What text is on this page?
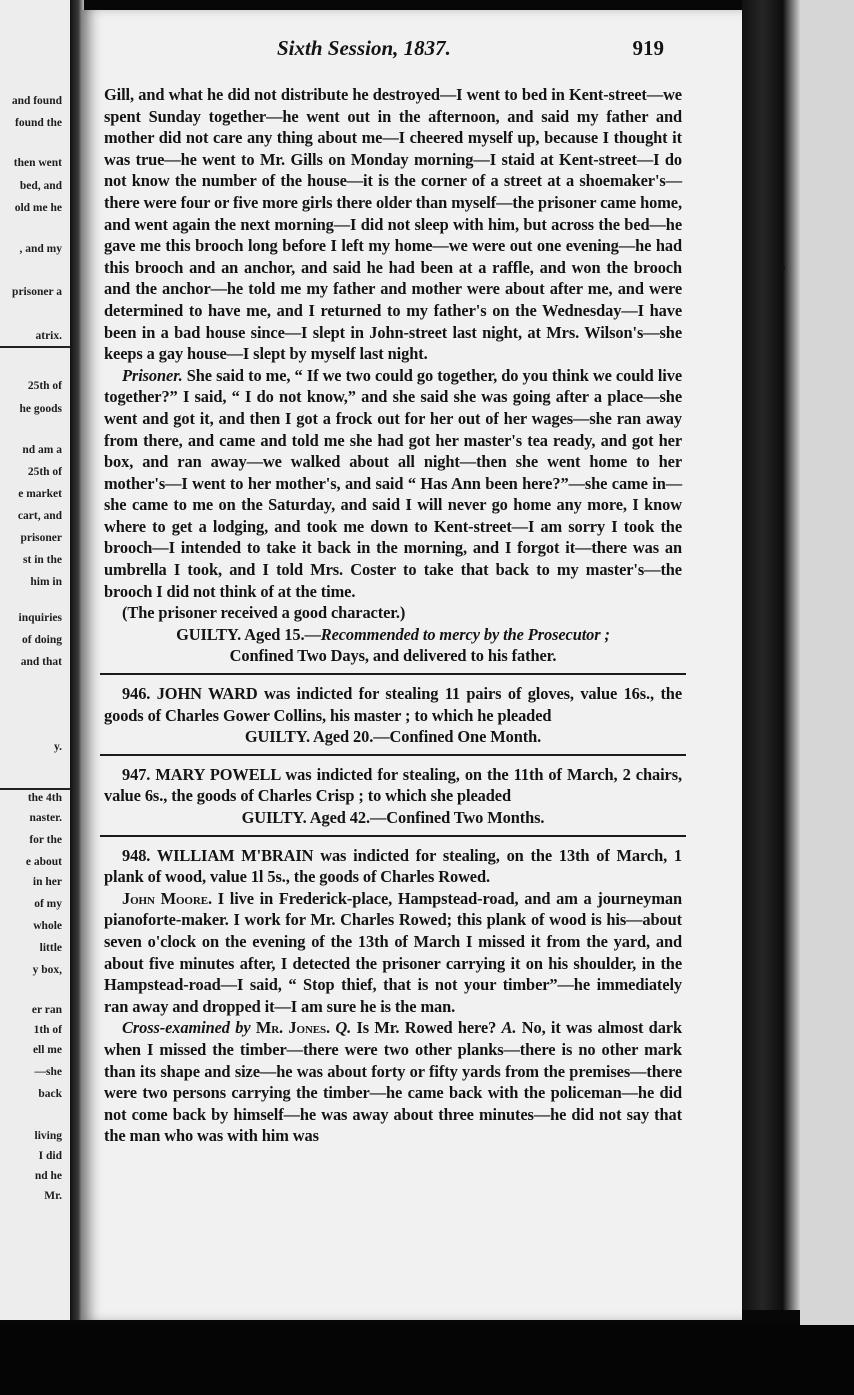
and found
found the
then went
bed, and
old me he
, and my
prisoner a
atrix.
25th of
he goods
nd am a
25th of
e market
cart, and
prisoner
st in the
him in
inquiries
of doing
and that
y.
the 4th
naster.
for the
e about
in her
of my
whole
little
y box,
er ran
1th of
ell me
—she
back
living
I did
nd he
Mr.
Sixth Session, 1837.	919

Gill, and what he did not distribute he destroyed—I went to bed in Kent-street—we spent Sunday together—he went out in the afternoon, and said my father and mother did not care any thing about me—I cheered myself up, because I thought it was true—he went to Mr. Gills on Monday morning—I staid at Kent-street—I do not know the number of the house—it is the corner of a street at a shoemaker's—there were four or five more girls there older than myself—the prisoner came home, and went again the next morning—I did not sleep with him, but across the bed—he gave me this brooch long before I left my home—we were out one evening—he had this brooch and an anchor, and said he had been at a raffle, and won the brooch and the anchor—he told me my father and mother were about after me, and were determined to have me, and I returned to my father's on the Wednesday—I have been in a bad house since—I slept in John-street last night, at Mrs. Wilson's—she keeps a gay house—I slept by myself last night.

Prisoner. She said to me, “ If we two could go together, do you think we could live together?” I said, “ I do not know,” and she said she was going after a place—she went and got it, and then I got a frock out for her out of her wages—she ran away from there, and came and told me she had got her master's tea ready, and got her box, and ran away—we walked about all night—then she went home to her mother's—I went to her mother's, and said “ Has Ann been here?”—she came in—she came to me on the Saturday, and said I will never go home any more, I know where to get a lodging, and took me down to Kent-street—I am sorry I took the brooch—I intended to take it back in the morning, and I forgot it—there was an umbrella I took, and I told Mrs. Coster to take that back to my master's—the brooch I did not think of at the time.

(The prisoner received a good character.)

GUILTY. Aged 15.—Recommended to mercy by the Prosecutor ;

Confined Two Days, and delivered to his father.

946. JOHN WARD was indicted for stealing 11 pairs of gloves, value 16s., the goods of Charles Gower Collins, his master ; to which he pleaded

GUILTY. Aged 20.—Confined One Month.

947. MARY POWELL was indicted for stealing, on the 11th of March, 2 chairs, value 6s., the goods of Charles Crisp ; to which she pleaded

GUILTY. Aged 42.—Confined Two Months.

948. WILLIAM M'BRAIN was indicted for stealing, on the 13th of March, 1 plank of wood, value 1l 5s., the goods of Charles Rowed.

John Moore. I live in Frederick-place, Hampstead-road, and am a journeyman pianoforte-maker. I work for Mr. Charles Rowed; this plank of wood is his—about seven o'clock on the evening of the 13th of March I missed it from the yard, and about five minutes after, I detected the prisoner carrying it on his shoulder, in the Hampstead-road—I said, “ Stop thief, that is not your timber”—he immediately ran away and dropped it—I am sure he is the man.

Cross-examined by Mr. Jones. Q. Is Mr. Rowed here? A. No, it was almost dark when I missed the timber—there were two other planks—there is no other mark than its shape and size—he was about forty or fifty yards from the premises—there were two persons carrying the timber—he came back with the policeman—he did not come back by himself—he was away about three minutes—he did not say that the man who was with him was
